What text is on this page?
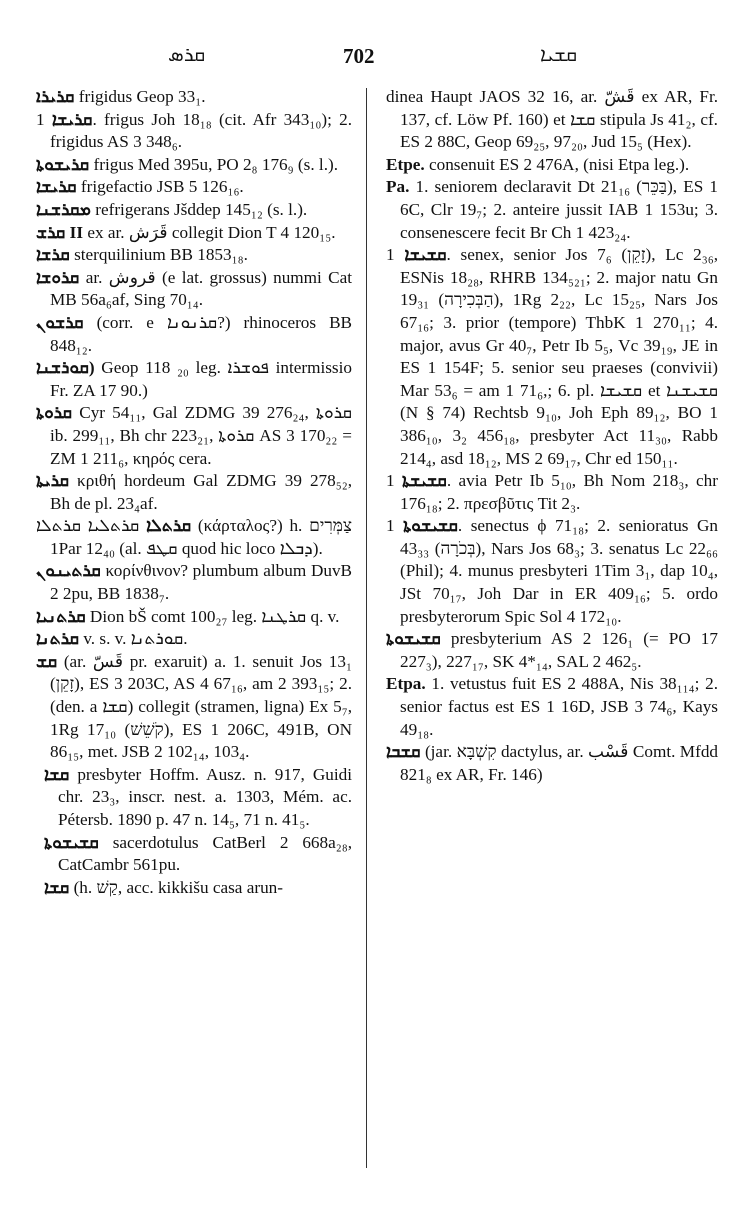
ܩܪܣ	702	ܩܫܝܐ

ܩܪܝܪܐ frigidus Geop 33₁.

ܩܪܝܫܐ 1. frigus Joh 18₁₈ (cit. Afr 343₁₀); 2. frigidus AS 3 348₆.

ܩܪܝܫܘܬܐ frigus Med 395u, PO 2₈ 176₉ (s. l.).

ܩܪܝܫܐ frigefactio JSB 5 126₁₆.

ܡܩܪܫܢܐ refrigerans Jšddep 145₁₂ (s. l.).

II ܩܪܫ ex ar. قَرَش collegit Dion T 4 120₁₅.

ܩܪܫܐ sterquilinium BB 1853₁₈.

ܩܪܘܫܐ ar. قروش (e lat. grossus) nummi Cat MB 56a₆af, Sing 70₁₄.

ܩܪܫܘܢ (corr. e ܩܪܢܘܢܐ?) rhinoceros BB 848₁₂.

(ܩܘܪܫܢܐ Geop 118 ₂₀ leg. ܦܘܫܪܐ intermissio Fr. ZA 17 90.)

ܩܪܘܬܐ Cyr 54₁₁, Gal ZDMG 39 276₂₄, ܩܪܘܬܐ ib. 299₁₁, Bh chr 223₂₁, ܩܪܘܬܐ AS 3 170₂₂ = ZM 1 211₆, κηρός cera.

ܩܪܝܬܐ κριθή hordeum Gal ZDMG 39 278₅₂, Bh de pl. 23₄af.

ܩܪܬܠܐ ܩܪܬܠܝܐ ܩܪܬܠܐ (κάρταλος?) h. צַמְּרִים 1Par 12₄₀ (al. ܩܛܦ quod hic loco ܕܒܠܐ).

ܩܪܬܝܢܘܢ κορίνθινον? plumbum album DuvB 2 2pu, BB 1838₇.

ܩܪܬܢܝܐ Dion bŠ comt 100₂₇ leg. ܩܪܛܢܐ q. v.

ܩܪܬܢܐ v. s. v. ܩܘܪܬܢܐ.

ܩܫ (ar. قَسّ pr. exaruit) a. 1. senuit Jos 13₁ (זָקֵן), ES 3 203C, AS 4 67₁₆, am 2 393₁₅; 2. (den. a ܩܫܐ) collegit (stramen, ligna) Ex 5₇, 1Rg 17₁₀ (קֹשֵׁשׁ), ES 1 206C, 491B, ON 86₁₅, met. JSB 2 102₁₄, 103₄.

ܩܫܐ presbyter Hoffm. Ausz. n. 917, Guidi chr. 23₃, inscr. nest. a. 1303, Mém. ac. Pétersb. 1890 p. 47 n. 14₅, 71 n. 41₅.

ܩܫܝܫܘܬܐ sacerdotulus CatBerl 2 668a₂₈, CatCambr 561pu.

ܩܫܐ (h. קַשׁ, acc. kikkišu casa arun-

dinea Haupt JAOS 32 16, ar. قَشّ ex AR, Fr. 137, cf. Löw Pf. 160) et ܩܫܐ stipula Js 41₂, cf. ES 2 88C, Geop 69₂₅, 97₂₀, Jud 15₅ (Hex).

Etpe. consenuit ES 2 476A, (nisi Etpa leg.).

Pa. 1. seniorem declaravit Dt 21₁₆ (בַּכֵּר), ES 1 6C, Clr 19₇; 2. anteire jussit IAB 1 153u; 3. consenescere fecit Br Ch 1 423₂₄.

ܩܫܝܫܐ 1. senex, senior Jos 7₆ (זָקֵן), Lc 2₃₆, ESNis 18₂₈, RHRB 134₅₂₁; 2. major natu Gn 19₃₁ (הַבְּכִירָה), 1Rg 2₂₂, Lc 15₂₅, Nars Jos 67₁₆; 3. prior (tempore) ThbK 1 270₁₁; 4. major, avus Gr 40₇, Petr Ib 5₅, Vc 39₁₉, JE in ES 1 154F; 5. senior seu praeses (convivii) Mar 53₆ = am 1 71₆,; 6. pl. ܩܫܝܫܐ et ܩܫܝܫܢܐ (N § 74) Rechtsb 9₁₀, Joh Eph 89₁₂, BO 1 386₁₀, 3₂ 456₁₈, presbyter Act 11₃₀, Rabb 214₄, asd 18₁₂, MS 2 69₁₇, Chr ed 150₁₁.

ܩܫܝܫܬܐ 1. avia Petr Ib 5₁₀, Bh Nom 218₃, chr 176₁₈; 2. πρεσβῦτις Tit 2₃.

ܩܫܝܫܘܬܐ 1. senectus ϕ 71₁₈; 2. senioratus Gn 43₃₃ (בְּכֹרָה), Nars Jos 68₃; 3. senatus Lc 22₆₆ (Phil); 4. munus presbyteri 1Tim 3₁, dap 10₄, JSt 70₁₇, Joh Dar in ER 409₁₆; 5. ordo presbyterorum Spic Sol 4 172₁₀.

ܩܫܝܫܘܬܐ presbyterium AS 2 126₁ (= PO 17 227₃), 227₁₇, SK 4*₁₄, SAL 2 462₅.

Etpa. 1. vetustus fuit ES 2 488A, Nis 38₁₁₄; 2. senior factus est ES 1 16D, JSB 3 74₆, Kays 49₁₈.

ܩܫܒܐ (jar. קִשְׁבָּא dactylus, ar. قَسْب Comt. Mfdd 821₈ ex AR, Fr. 146)
